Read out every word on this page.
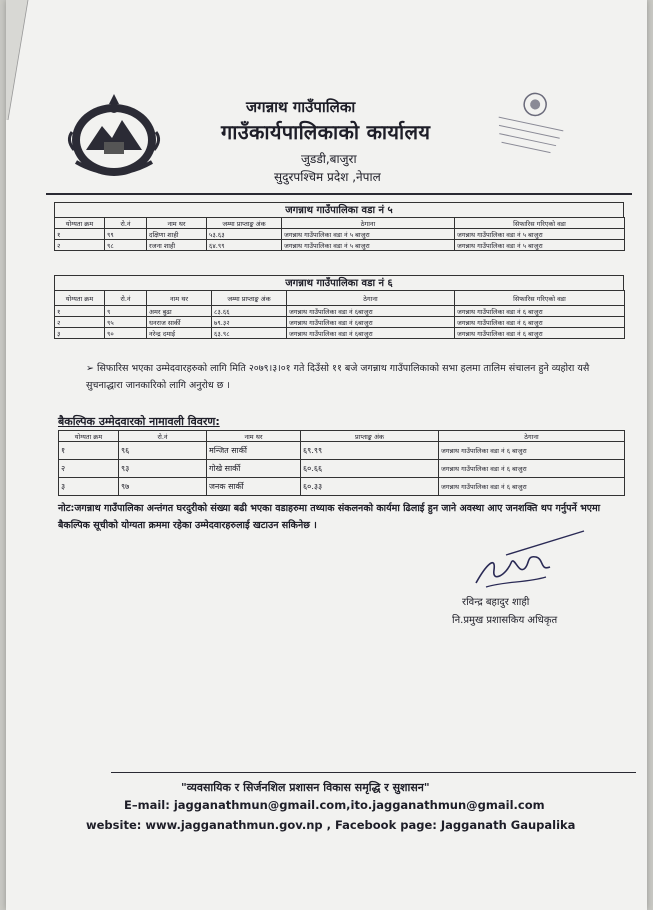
जगन्नाथ गाउँपालिका
गाउँकार्यपालिकाको कार्यालय
जुडडी,बाजुरा
सुदुरपश्चिम प्रदेश ,नेपाल
जगन्नाथ गाउँपालिका वडा नं ५
योग्यता क्रम	रो.नं	नाम थर	जम्मा प्राप्ताङ्क अंक	ठेगाना	सिफारिस गरिएको वडा
१	९९	दक्षिणा शाही	५३.६३	जगन्नाथ गाउँपालिका वडा नं ५ बाजुरा	जगन्नाथ गाउँपालिका वडा नं ५ बाजुरा
२	९८	रजना शाही	६४.९९	जगन्नाथ गाउँपालिका वडा नं ५ बाजुरा	जगन्नाथ गाउँपालिका वडा नं ५ बाजुरा
जगन्नाथ गाउँपालिका वडा नं ६
योग्यता क्रम	रो.नं	नाम थर	जम्मा प्राप्ताङ्क अंक	ठेगाना	सिफारिस गरिएको वडा
१	९	अमर बुढा	८३.६६	जगन्नाथ गाउँपालिका वडा नं ६बाजुरा	जगन्नाथ गाउँपालिका वडा नं ६ बाजुरा
२	९५	धनराज सार्की	७९.३२	जगन्नाथ गाउँपालिका वडा नं ६बाजुरा	जगन्नाथ गाउँपालिका वडा नं ६ बाजुरा
३	९०	नरेन्द्र दमाई	६३.९८	जगन्नाथ गाउँपालिका वडा नं ६बाजुरा	जगन्नाथ गाउँपालिका वडा नं ६ बाजुरा
➢ सिफारिस भएका उम्मेदवारहरुको लागि मिति २०७९।३।०१ गते दिउँसो ११ बजे जगन्नाथ गाउँपालिकाको सभा हलमा तालिम संचालन हुने व्यहोरा यसै सुचनाद्धारा जानकारिको लागि अनुरोध छ ।
बैकल्पिक उम्मेदवारको नामावली विवरण:
योग्यता क्रम	रो.नं	नाम थर	प्राप्ताङ्क अंक	ठेगाना
१	९६	मन्जित सार्की	६९.९९	जगन्नाथ गाउँपालिका वडा नं ६ बाजुरा
२	९३	गोखे सार्की	६०.६६	जगन्नाथ गाउँपालिका वडा नं ६ बाजुरा
३	९७	जनक सार्की	६०.३३	जगन्नाथ गाउँपालिका वडा नं ६ बाजुरा
नोट:जगन्नाथ गाउँपालिका अन्तंगत घरदुरीको संख्या बढी भएका वडाहरुमा तथ्याक संकलनको कार्यमा ढिलाई हुन जाने अवस्था आए जनशक्ति थप गर्नुपर्ने भएमा बैकल्पिक सूचीको योग्यता क्रममा रहेका उम्मेदवारहरुलाई खटाउन सकिनेछ ।
रविन्द्र बहादुर शाही
नि.प्रमुख प्रशासकिय अधिकृत
"व्यवसायिक र सिर्जनशिल प्रशासन विकास समृद्धि र सुशासन"
E–mail: jagganathmun@gmail.com,ito.jagganathmun@gmail.com
website: www.jagganathmun.gov.np , Facebook page: Jagganath Gaupalika
